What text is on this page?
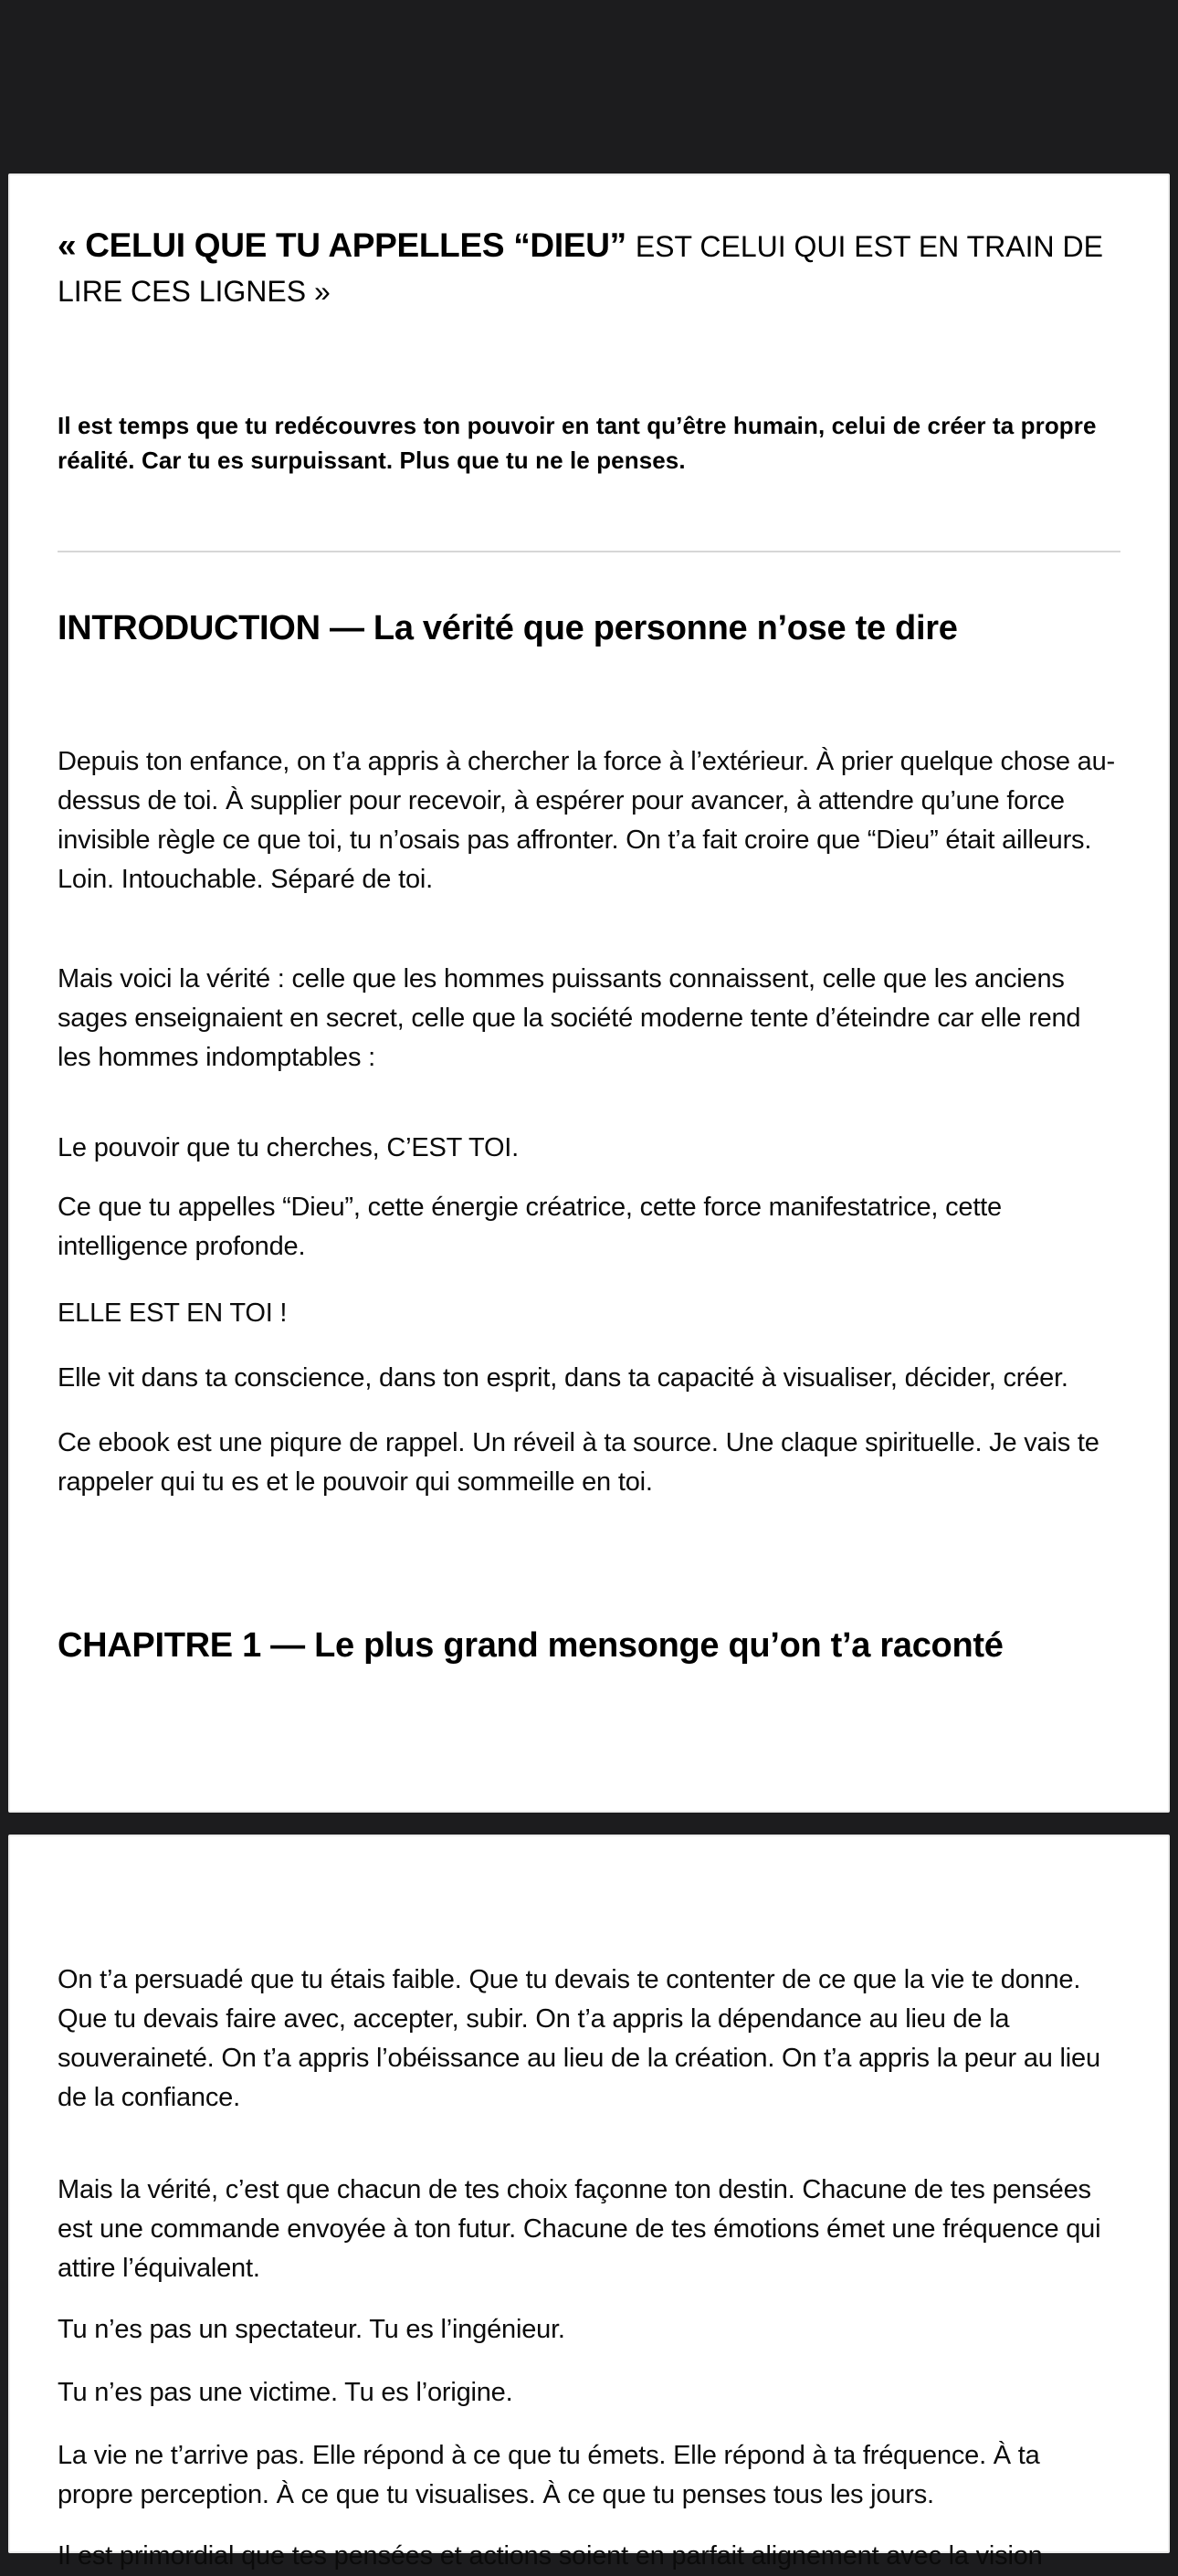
« CELUI QUE TU APPELLES “DIEU” EST CELUI QUI EST EN TRAIN DE LIRE CES LIGNES »

Il est temps que tu redécouvres ton pouvoir en tant qu’être humain, celui de créer ta propre réalité. Car tu es surpuissant. Plus que tu ne le penses.

INTRODUCTION — La vérité que personne n’ose te dire

Depuis ton enfance, on t’a appris à chercher la force à l’extérieur. À prier quelque chose au-dessus de toi. À supplier pour recevoir, à espérer pour avancer, à attendre qu’une force invisible règle ce que toi, tu n’osais pas affronter. On t’a fait croire que “Dieu” était ailleurs. Loin. Intouchable. Séparé de toi.

Mais voici la vérité : celle que les hommes puissants connaissent, celle que les anciens sages enseignaient en secret, celle que la société moderne tente d’éteindre car elle rend les hommes indomptables :

Le pouvoir que tu cherches, C’EST TOI.

Ce que tu appelles “Dieu”, cette énergie créatrice, cette force manifestatrice, cette intelligence profonde.

ELLE EST EN TOI !

Elle vit dans ta conscience, dans ton esprit, dans ta capacité à visualiser, décider, créer.

Ce ebook est une piqure de rappel. Un réveil à ta source. Une claque spirituelle. Je vais te rappeler qui tu es et le pouvoir qui sommeille en toi.

CHAPITRE 1 — Le plus grand mensonge qu’on t’a raconté

On t’a persuadé que tu étais faible. Que tu devais te contenter de ce que la vie te donne. Que tu devais faire avec, accepter, subir. On t’a appris la dépendance au lieu de la souveraineté. On t’a appris l’obéissance au lieu de la création. On t’a appris la peur au lieu de la confiance.

Mais la vérité, c’est que chacun de tes choix façonne ton destin. Chacune de tes pensées est une commande envoyée à ton futur. Chacune de tes émotions émet une fréquence qui attire l’équivalent.

Tu n’es pas un spectateur. Tu es l’ingénieur.

Tu n’es pas une victime. Tu es l’origine.

La vie ne t’arrive pas. Elle répond à ce que tu émets. Elle répond à ta fréquence. À ta propre perception. À ce que tu visualises. À ce que tu penses tous les jours.

Il est primordial que tes pensées et actions soient en parfait alignement avec la vision
